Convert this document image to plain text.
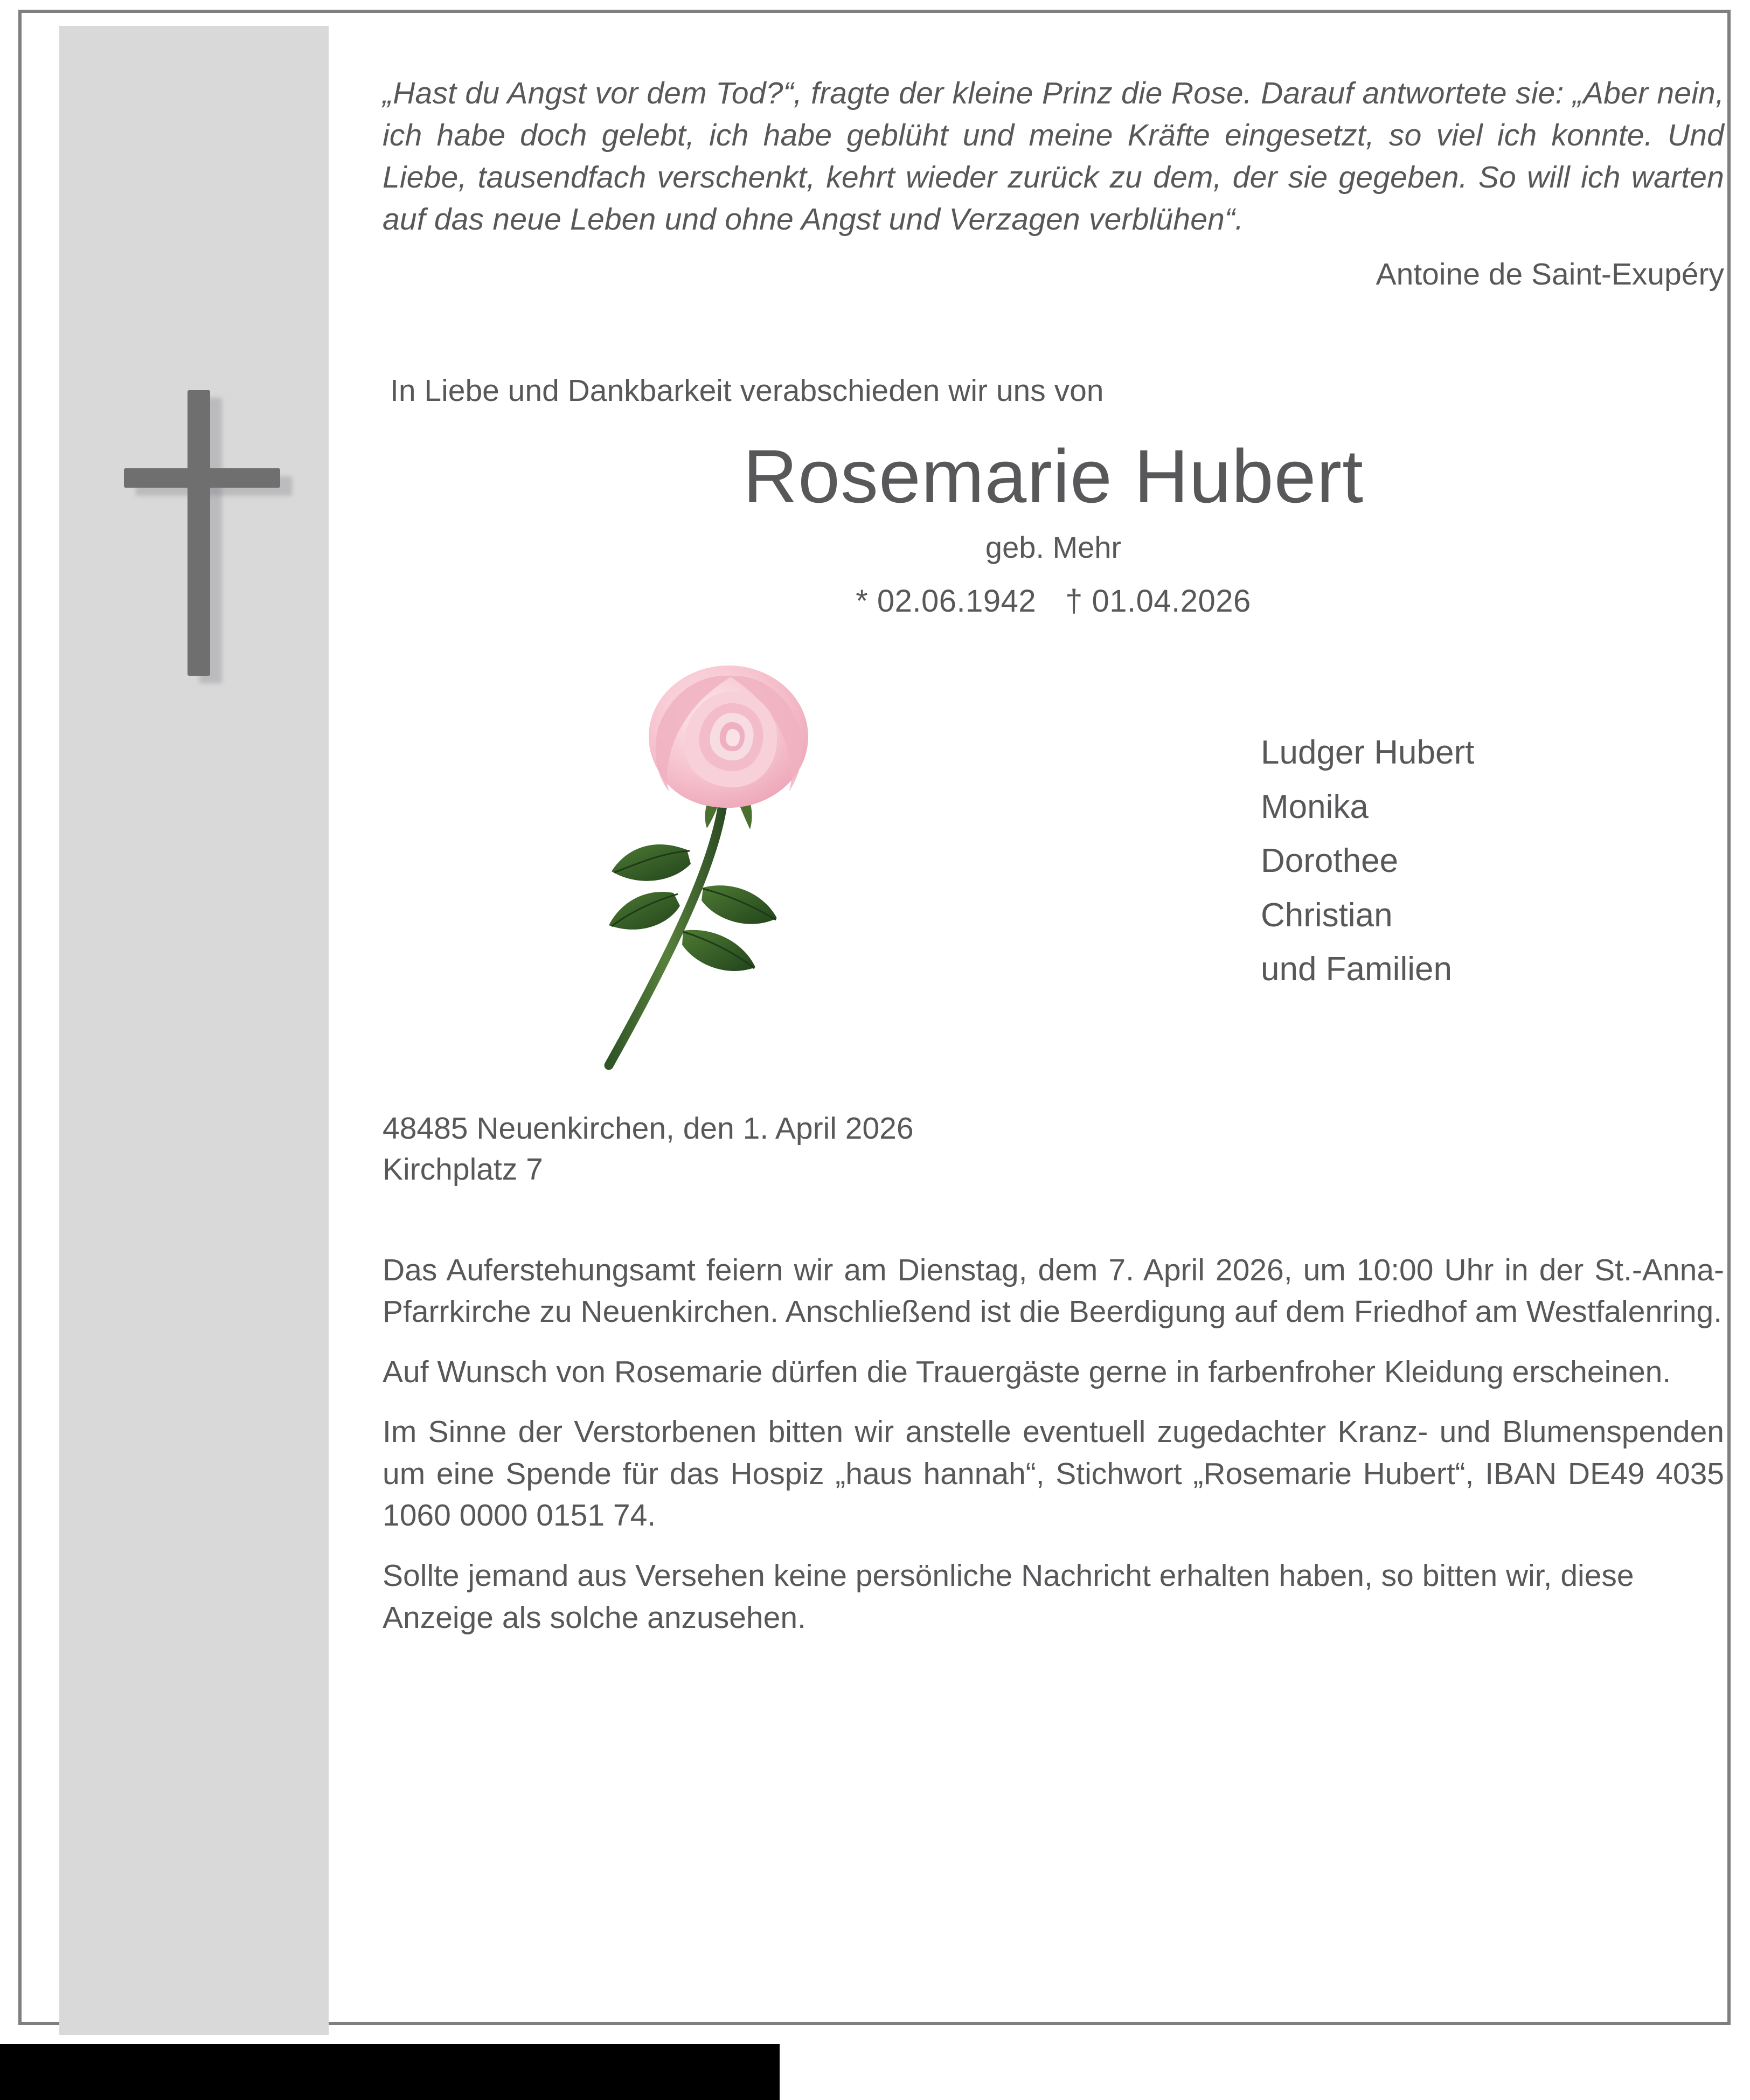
„Hast du Angst vor dem Tod?“, fragte der kleine Prinz die Rose. Darauf antwortete sie: „Aber nein, ich habe doch gelebt, ich habe geblüht und meine Kräfte eingesetzt, so viel ich konnte. Und Liebe, tausendfach verschenkt, kehrt wieder zurück zu dem, der sie gegeben. So will ich warten auf das neue Leben und ohne Angst und Verzagen verblühen“.
Antoine de Saint-Exupéry
In Liebe und Dankbarkeit verabschieden wir uns von
Rosemarie Hubert
geb. Mehr
* 02.06.1942 † 01.04.2026
Ludger Hubert
Monika
Dorothee
Christian
und Familien
48485 Neuenkirchen, den 1. April 2026
Kirchplatz 7

Das Auferstehungsamt feiern wir am Dienstag, dem 7. April 2026, um 10:00 Uhr in der St.-Anna-Pfarrkirche zu Neuenkirchen. Anschließend ist die Beerdigung auf dem Friedhof am Westfalenring.

Auf Wunsch von Rosemarie dürfen die Trauergäste gerne in farbenfroher Kleidung erscheinen.

Im Sinne der Verstorbenen bitten wir anstelle eventuell zugedachter Kranz- und Blumenspenden um eine Spende für das Hospiz „haus hannah“, Stichwort „Rosemarie Hubert“, IBAN DE49 4035 1060 0000 0151 74.

Sollte jemand aus Versehen keine persönliche Nachricht erhalten haben, so bitten wir, diese Anzeige als solche anzusehen.
